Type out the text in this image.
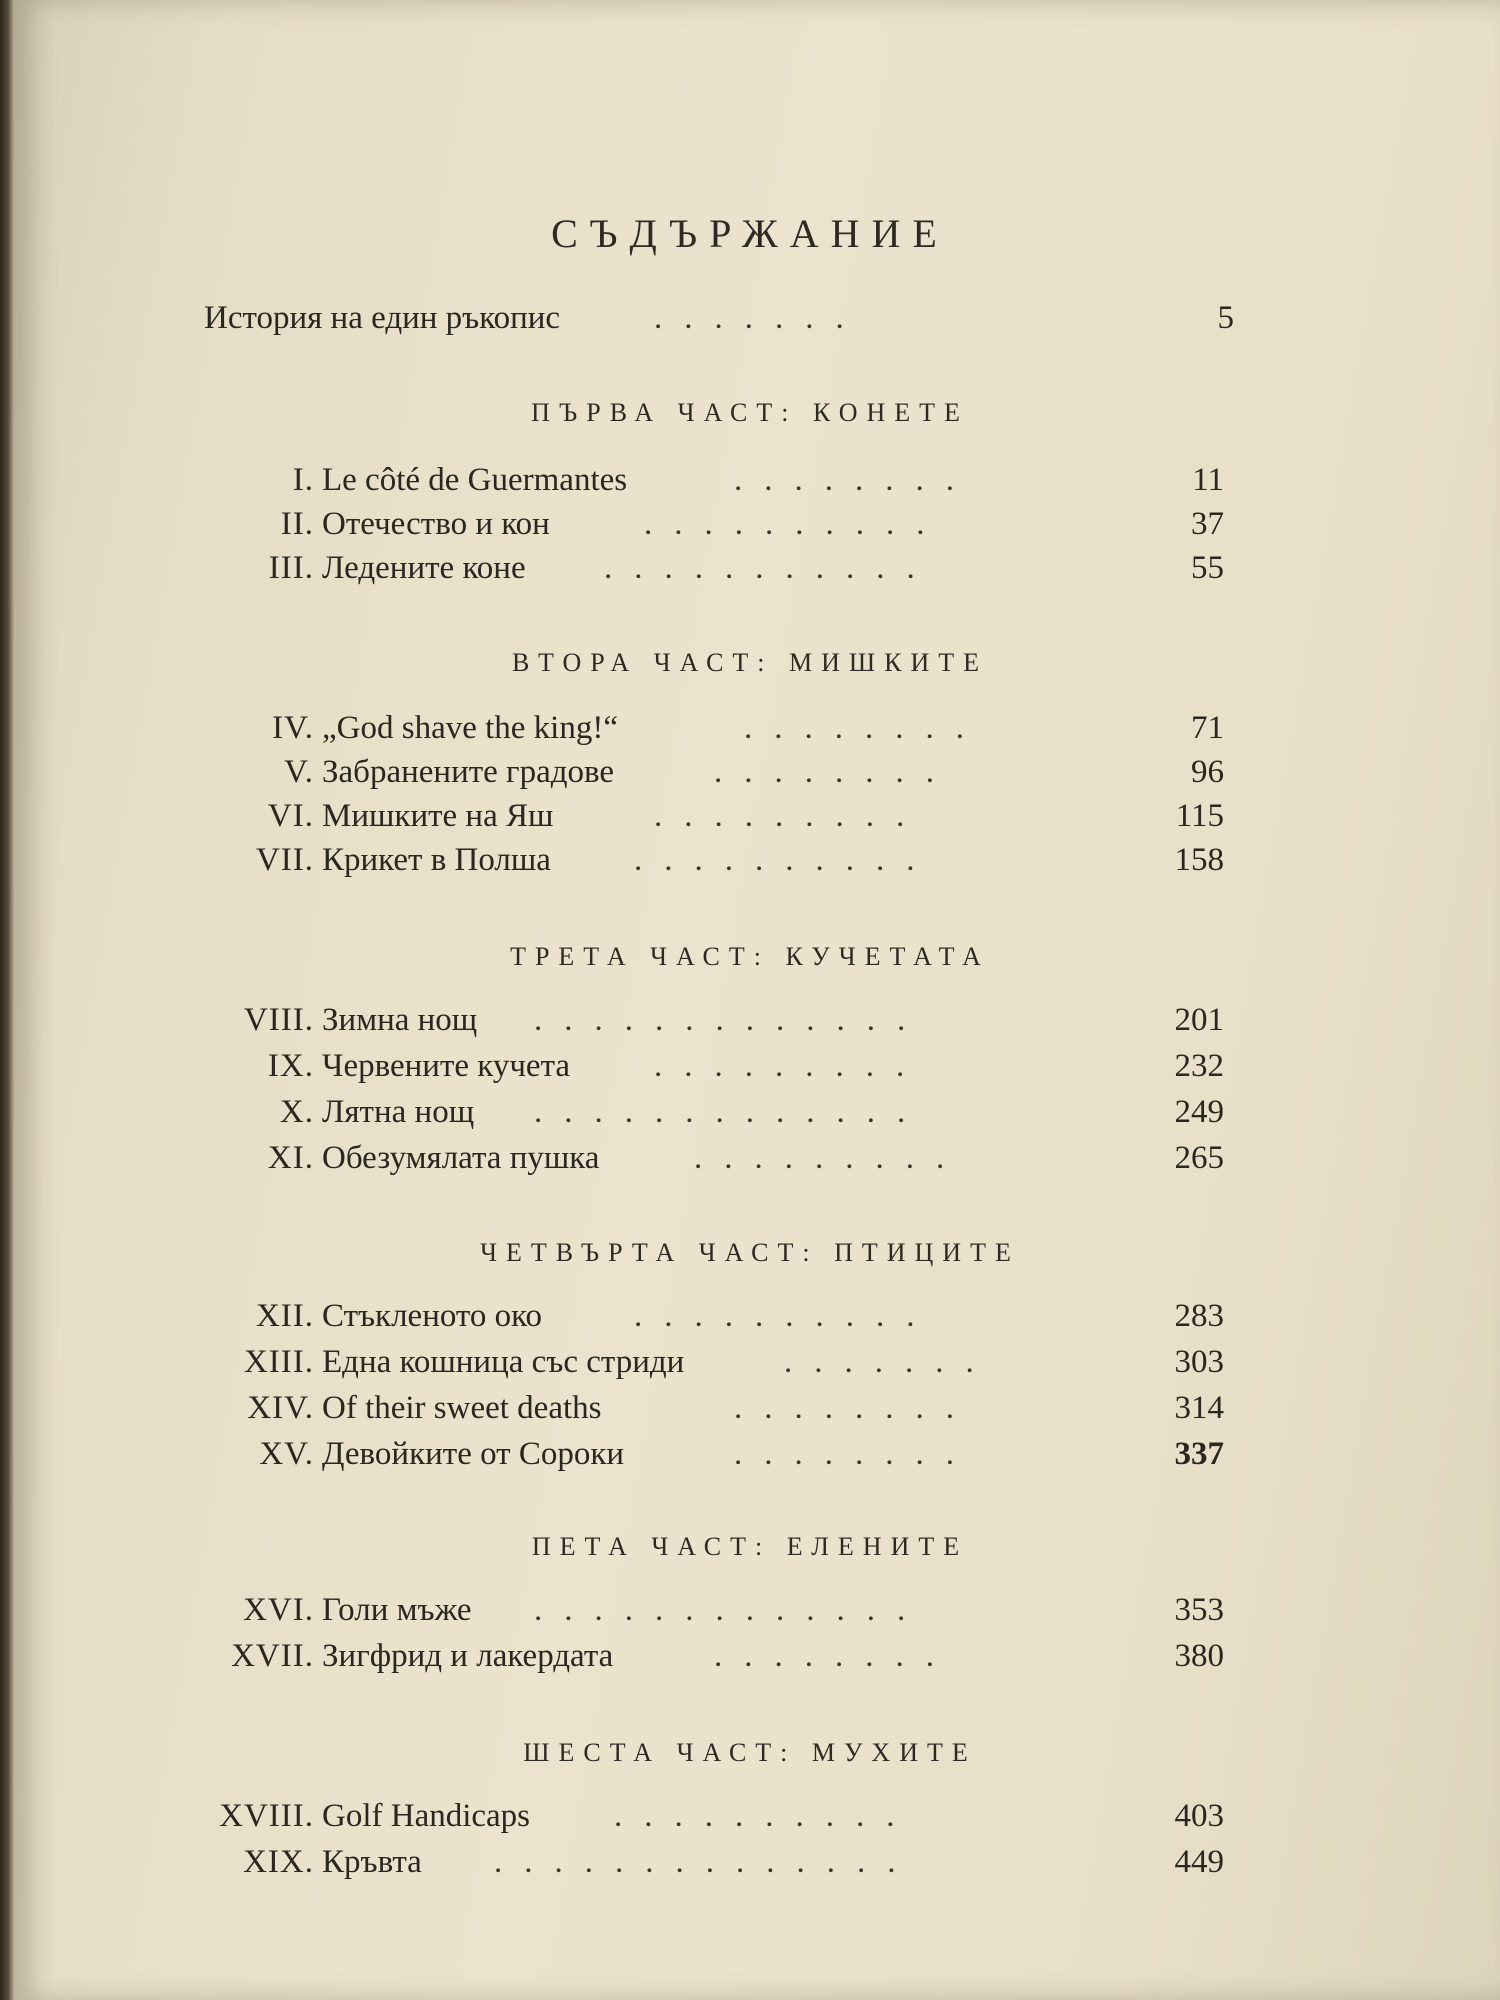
СЪДЪРЖАНИЕ
История на един ръкопис	.......	5
ПЪРВА ЧАСТ: КОНЕТЕ
I. Le côté de Guermantes	........	11
II. Отечество и кон	..........	37
III. Ледените коне ...........	55
ВТОРА ЧАСТ: МИШКИТЕ
IV. „God shave the king!“	........	71
V. Забранените градове	........	96
VI. Мишките на Яш	.........	115
VII. Крикет в Полша	..........	158
ТРЕТА ЧАСТ: КУЧЕТАТА
VIII. Зимна нощ .............	201
IX. Червените кучета	.........	232
X. Лятна нощ .............	249
XI. Обезумялата пушка	.........	265
ЧЕТВЪРТА ЧАСТ: ПТИЦИТЕ
XII. Стъкленото око	..........	283
XIII. Една кошница със стриди	.......	303
XIV. Of their sweet deaths	........	314
XV. Девойките от Сороки	........	337
ПЕТА ЧАСТ: ЕЛЕНИТЕ
XVI. Голи мъже .............	353
XVII. Зигфрид и лакердата	........	380
ШЕСТА ЧАСТ: МУХИТЕ
XVIII. Golf Handicaps	..........	403
XIX. Кръвта ..............	449
